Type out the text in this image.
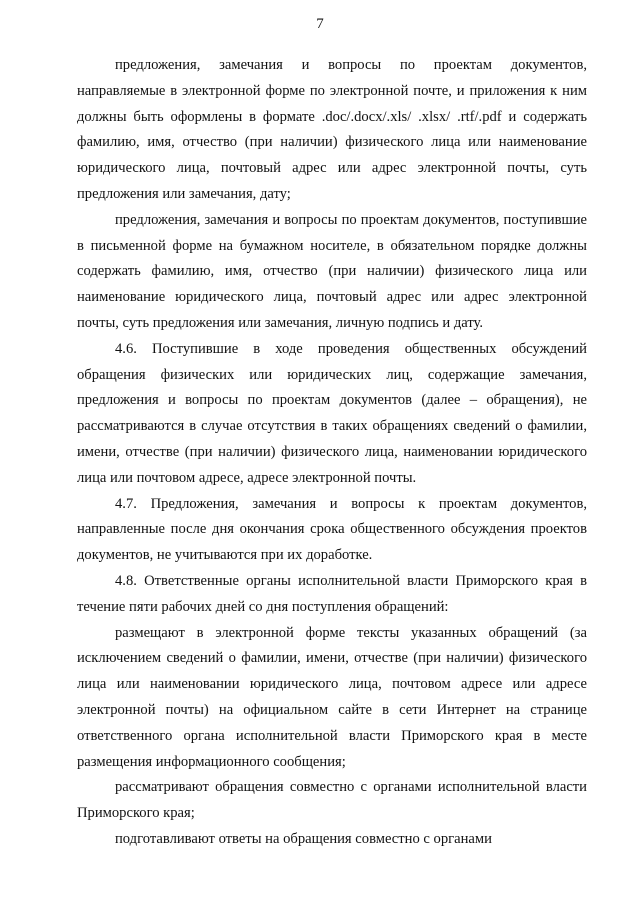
7

предложения, замечания и вопросы по проектам документов, направляемые в электронной форме по электронной почте, и приложения к ним должны быть оформлены в формате .doc/.docx/.xls/ .xlsx/ .rtf/.pdf и содержать фамилию, имя, отчество (при наличии) физического лица или наименование юридического лица, почтовый адрес или адрес электронной почты, суть предложения или замечания, дату;

предложения, замечания и вопросы по проектам документов, поступившие в письменной форме на бумажном носителе, в обязательном порядке должны содержать фамилию, имя, отчество (при наличии) физического лица или наименование юридического лица, почтовый адрес или адрес электронной почты, суть предложения или замечания, личную подпись и дату.

4.6. Поступившие в ходе проведения общественных обсуждений обращения физических или юридических лиц, содержащие замечания, предложения и вопросы по проектам документов (далее – обращения), не рассматриваются в случае отсутствия в таких обращениях сведений о фамилии, имени, отчестве (при наличии) физического лица, наименовании юридического лица или почтовом адресе, адресе электронной почты.

4.7. Предложения, замечания и вопросы к проектам документов, направленные после дня окончания срока общественного обсуждения проектов документов, не учитываются при их доработке.

4.8. Ответственные органы исполнительной власти Приморского края в течение пяти рабочих дней со дня поступления обращений:

размещают в электронной форме тексты указанных обращений (за исключением сведений о фамилии, имени, отчестве (при наличии) физического лица или наименовании юридического лица, почтовом адресе или адресе электронной почты) на официальном сайте в сети Интернет на странице ответственного органа исполнительной власти Приморского края в месте размещения информационного сообщения;

рассматривают обращения совместно с органами исполнительной власти Приморского края;

подготавливают ответы на обращения совместно с органами
